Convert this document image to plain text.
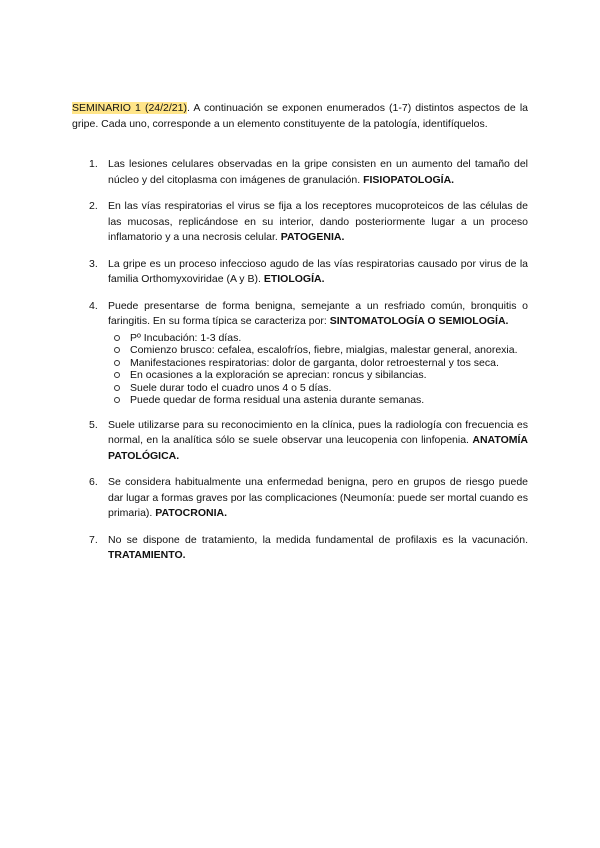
SEMINARIO 1 (24/2/21). A continuación se exponen enumerados (1-7) distintos aspectos de la gripe. Cada uno, corresponde a un elemento constituyente de la patología, identifíquelos.

1. Las lesiones celulares observadas en la gripe consisten en un aumento del tamaño del núcleo y del citoplasma con imágenes de granulación. FISIOPATOLOGÍA.
2. En las vías respiratorias el virus se fija a los receptores mucoproteicos de las células de las mucosas, replicándose en su interior, dando posteriormente lugar a un proceso inflamatorio y a una necrosis celular. PATOGENIA.
3. La gripe es un proceso infeccioso agudo de las vías respiratorias causado por virus de la familia Orthomyxoviridae (A y B). ETIOLOGÍA.
4. Puede presentarse de forma benigna, semejante a un resfriado común, bronquitis o faringitis. En su forma típica se caracteriza por: SINTOMATOLOGÍA O SEMIOLOGÍA.
Pº Incubación: 1-3 días.
Comienzo brusco: cefalea, escalofríos, fiebre, mialgias, malestar general, anorexia.
Manifestaciones respiratorias: dolor de garganta, dolor retroesternal y tos seca.
En ocasiones a la exploración se aprecian: roncus y sibilancias.
Suele durar todo el cuadro unos 4 o 5 días.
Puede quedar de forma residual una astenia durante semanas.
5. Suele utilizarse para su reconocimiento en la clínica, pues la radiología con frecuencia es normal, en la analítica sólo se suele observar una leucopenia con linfopenia. ANATOMÍA PATOLÓGICA.
6. Se considera habitualmente una enfermedad benigna, pero en grupos de riesgo puede dar lugar a formas graves por las complicaciones (Neumonía: puede ser mortal cuando es primaria). PATOCRONIA.
7. No se dispone de tratamiento, la medida fundamental de profilaxis es la vacunación. TRATAMIENTO.
